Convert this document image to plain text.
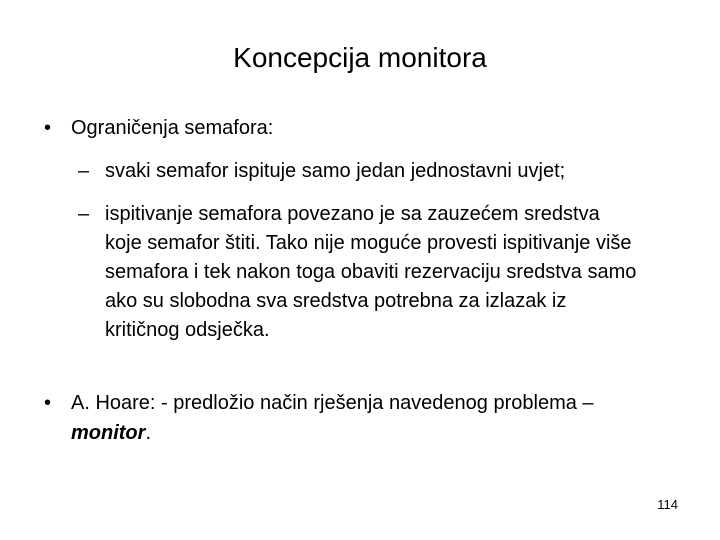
Koncepcija monitora
• Ograničenja semafora:
– svaki semafor ispituje samo jedan jednostavni uvjet;
– ispitivanje semafora povezano je sa zauzećem sredstva koje semafor štiti. Tako nije moguće provesti ispitivanje više semafora i tek nakon toga obaviti rezervaciju sredstva samo ako su slobodna sva sredstva potrebna za izlazak iz kritičnog odsječka.
• A. Hoare: - predložio način rješenja navedenog problema – monitor.
114
